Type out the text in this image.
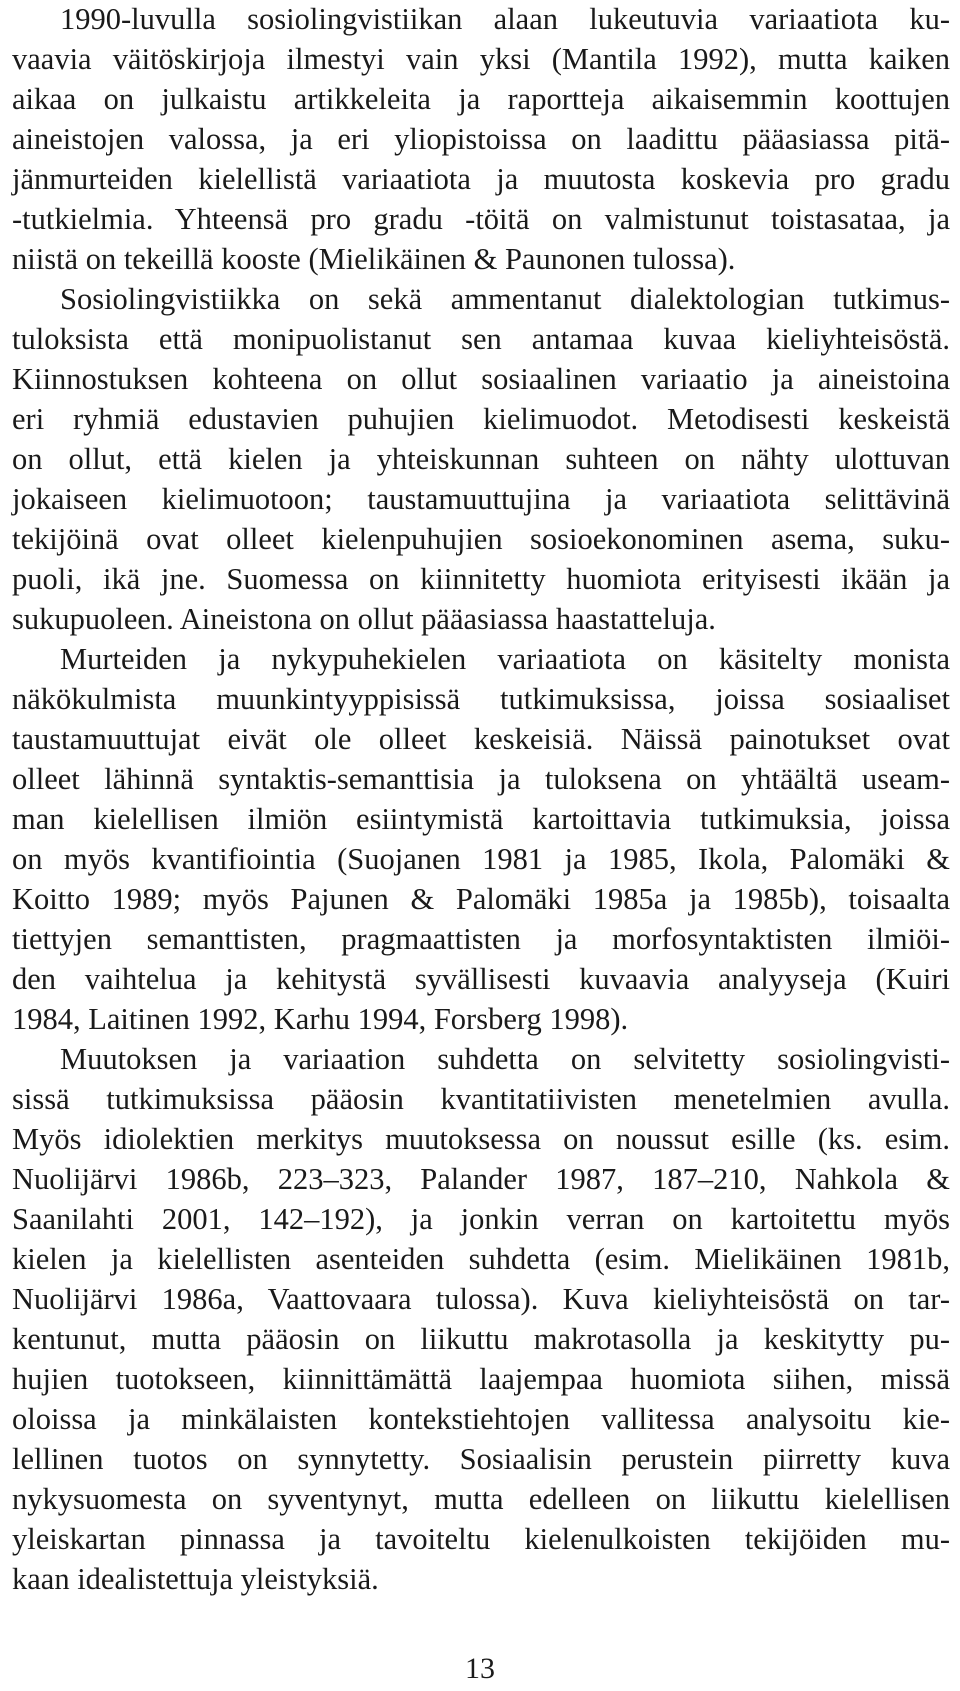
1990-luvulla sosiolingvistiikan alaan lukeutuvia variaatiota ku-
vaavia väitöskirjoja ilmestyi vain yksi (Mantila 1992), mutta kaiken
aikaa on julkaistu artikkeleita ja raportteja aikaisemmin koottujen
aineistojen valossa, ja eri yliopistoissa on laadittu pääasiassa pitä-
jänmurteiden kielellistä variaatiota ja muutosta koskevia pro gradu
-tutkielmia. Yhteensä pro gradu -töitä on valmistunut toistasataa, ja
niistä on tekeillä kooste (Mielikäinen & Paunonen tulossa).
Sosiolingvistiikka on sekä ammentanut dialektologian tutkimus-
tuloksista että monipuolistanut sen antamaa kuvaa kieliyhteisöstä.
Kiinnostuksen kohteena on ollut sosiaalinen variaatio ja aineistoina
eri ryhmiä edustavien puhujien kielimuodot. Metodisesti keskeistä
on ollut, että kielen ja yhteiskunnan suhteen on nähty ulottuvan
jokaiseen kielimuotoon; taustamuuttujina ja variaatiota selittävinä
tekijöinä ovat olleet kielenpuhujien sosioekonominen asema, suku-
puoli, ikä jne. Suomessa on kiinnitetty huomiota erityisesti ikään ja
sukupuoleen. Aineistona on ollut pääasiassa haastatteluja.
Murteiden ja nykypuhekielen variaatiota on käsitelty monista
näkökulmista muunkintyyppisissä tutkimuksissa, joissa sosiaaliset
taustamuuttujat eivät ole olleet keskeisiä. Näissä painotukset ovat
olleet lähinnä syntaktis-semanttisia ja tuloksena on yhtäältä useam-
man kielellisen ilmiön esiintymistä kartoittavia tutkimuksia, joissa
on myös kvantifiointia (Suojanen 1981 ja 1985, Ikola, Palomäki &
Koitto 1989; myös Pajunen & Palomäki 1985a ja 1985b), toisaalta
tiettyjen semanttisten, pragmaattisten ja morfosyntaktisten ilmiöi-
den vaihtelua ja kehitystä syvällisesti kuvaavia analyyseja (Kuiri
1984, Laitinen 1992, Karhu 1994, Forsberg 1998).
Muutoksen ja variaation suhdetta on selvitetty sosiolingvisti-
sissä tutkimuksissa pääosin kvantitatiivisten menetelmien avulla.
Myös idiolektien merkitys muutoksessa on noussut esille (ks. esim.
Nuolijärvi 1986b, 223–323, Palander 1987, 187–210, Nahkola &
Saanilahti 2001, 142–192), ja jonkin verran on kartoitettu myös
kielen ja kielellisten asenteiden suhdetta (esim. Mielikäinen 1981b,
Nuolijärvi 1986a, Vaattovaara tulossa). Kuva kieliyhteisöstä on tar-
kentunut, mutta pääosin on liikuttu makrotasolla ja keskitytty pu-
hujien tuotokseen, kiinnittämättä laajempaa huomiota siihen, missä
oloissa ja minkälaisten kontekstiehtojen vallitessa analysoitu kie-
lellinen tuotos on synnytetty. Sosiaalisin perustein piirretty kuva
nykysuomesta on syventynyt, mutta edelleen on liikuttu kielellisen
yleiskartan pinnassa ja tavoiteltu kielenulkoisten tekijöiden mu-
kaan idealistettuja yleistyksiä.
13
